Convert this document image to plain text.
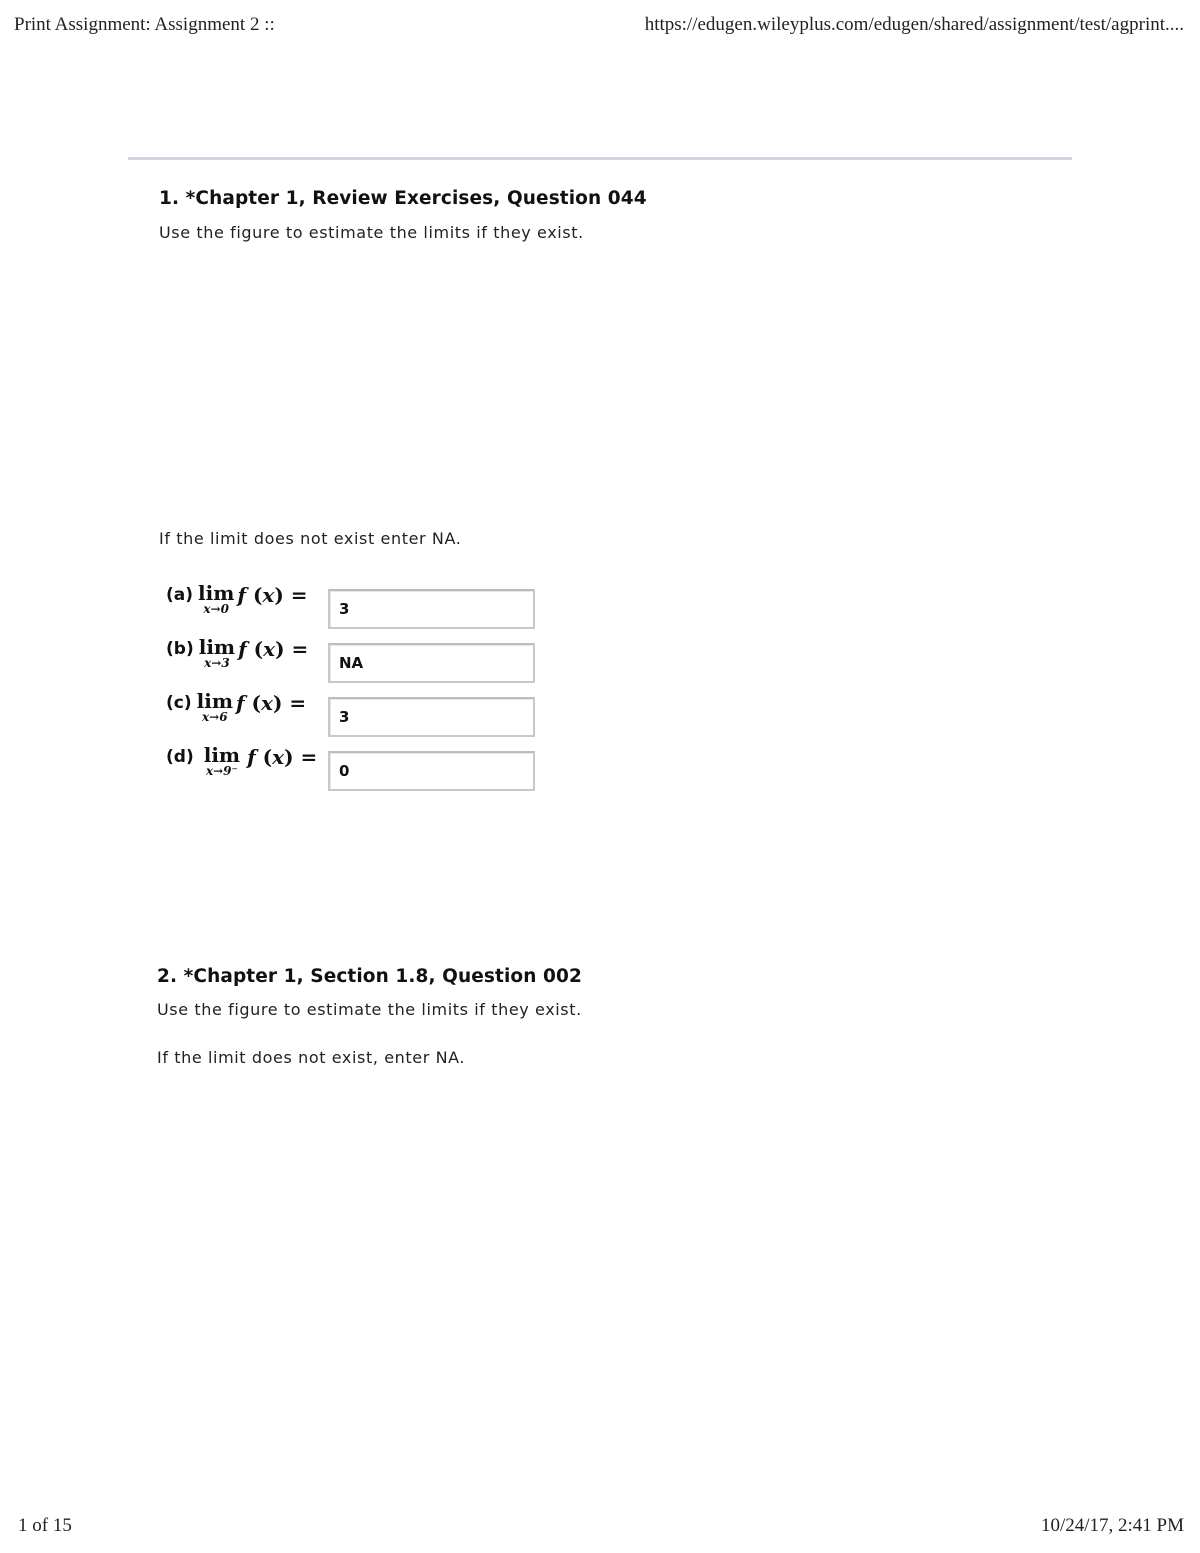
Print Assignment: Assignment 2 ::	https://edugen.wileyplus.com/edugen/shared/assignment/test/agprint....
1. *Chapter 1, Review Exercises, Question 044

Use the figure to estimate the limits if they exist.

If the limit does not exist enter NA.

(a) lim
x→0
f (x) =
3
(b) lim
x→3
f (x) =
NA
(c) lim
x→6
f (x) =
3
(d) lim
x→9⁻
f (x) =
0
2. *Chapter 1, Section 1.8, Question 002

Use the figure to estimate the limits if they exist.

If the limit does not exist, enter NA.

1 of 15	10/24/17, 2:41 PM
